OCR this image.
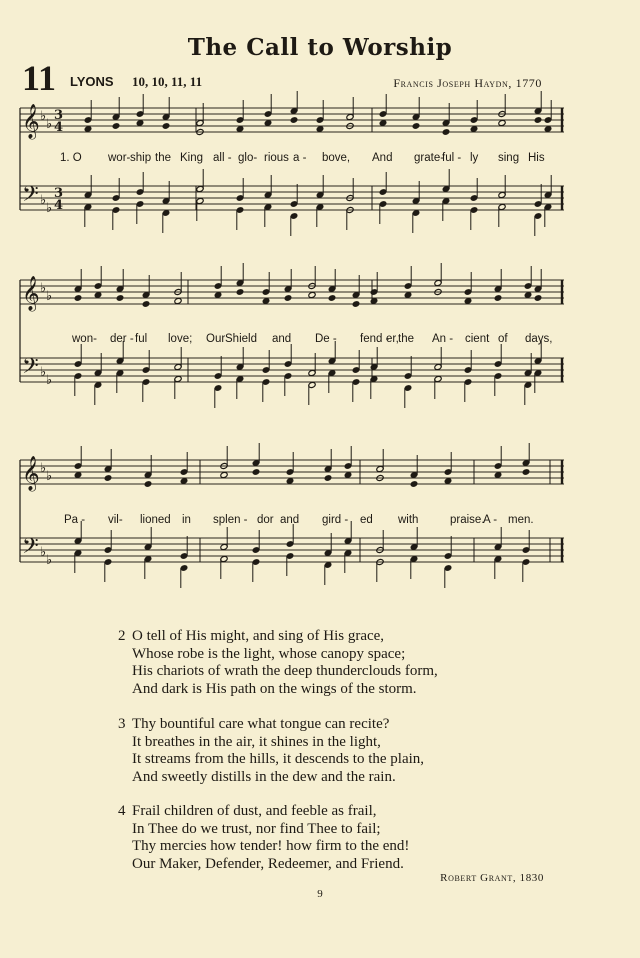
The Call to Worship
11 LYONS 10, 10, 11, 11	Francis Joseph Haydn, 1770
𝄞 ♭
♭
𝄢 ♭
♭
3
4
3
4
𝄞 ♭
♭
𝄢 ♭
♭
𝄞 ♭
♭
𝄢 ♭
♭
1. O wor- ship the King all - glo- rious a - bove, And grate-
ful - ly sing His
won- der - ful love; Our Shield and De - fend -
er, the An - cient of days,
Pa - vil- lioned in splen - dor and gird - ed with	praise.
A - men.
2 O tell of His might, and sing of His grace,
Whose robe is the light, whose canopy space;
His chariots of wrath the deep thunderclouds form,
And dark is His path on the wings of the storm.
3 Thy bountiful care what tongue can recite?
It breathes in the air, it shines in the light,
It streams from the hills, it descends to the plain,
And sweetly distills in the dew and the rain.
4 Frail children of dust, and feeble as frail,
In Thee do we trust, nor find Thee to fail;
Thy mercies how tender! how firm to the end!
Our Maker, Defender, Redeemer, and Friend.
Robert Grant, 1830
9
